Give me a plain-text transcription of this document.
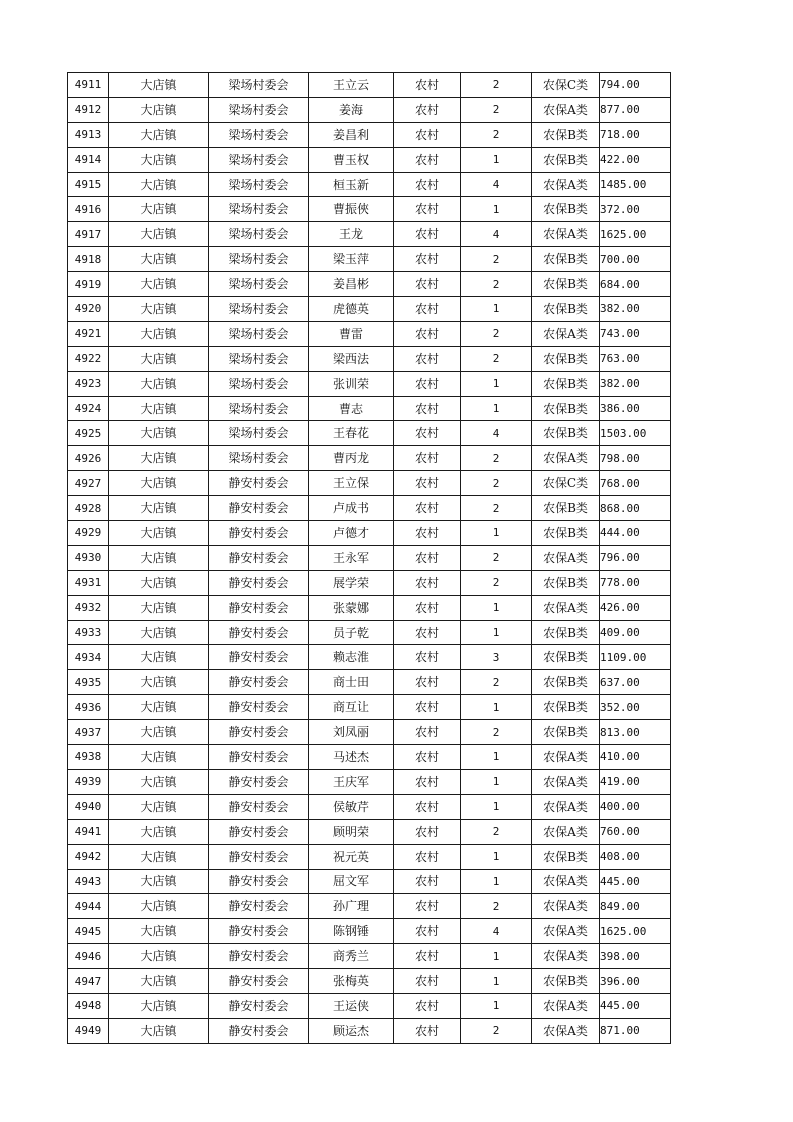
4911	大店镇	梁场村委会	王立云	农村	2	农保C类	794.00
4912	大店镇	梁场村委会	姜海	农村	2	农保A类	877.00
4913	大店镇	梁场村委会	姜昌利	农村	2	农保B类	718.00
4914	大店镇	梁场村委会	曹玉权	农村	1	农保B类	422.00
4915	大店镇	梁场村委会	桓玉新	农村	4	农保A类	1485.00
4916	大店镇	梁场村委会	曹振俠	农村	1	农保B类	372.00
4917	大店镇	梁场村委会	王龙	农村	4	农保A类	1625.00
4918	大店镇	梁场村委会	梁玉萍	农村	2	农保B类	700.00
4919	大店镇	梁场村委会	姜昌彬	农村	2	农保B类	684.00
4920	大店镇	梁场村委会	虎德英	农村	1	农保B类	382.00
4921	大店镇	梁场村委会	曹雷	农村	2	农保A类	743.00
4922	大店镇	梁场村委会	梁西法	农村	2	农保B类	763.00
4923	大店镇	梁场村委会	张训荣	农村	1	农保B类	382.00
4924	大店镇	梁场村委会	曹志	农村	1	农保B类	386.00
4925	大店镇	梁场村委会	王春花	农村	4	农保B类	1503.00
4926	大店镇	梁场村委会	曹丙龙	农村	2	农保A类	798.00
4927	大店镇	静安村委会	王立保	农村	2	农保C类	768.00
4928	大店镇	静安村委会	卢成书	农村	2	农保B类	868.00
4929	大店镇	静安村委会	卢德才	农村	1	农保B类	444.00
4930	大店镇	静安村委会	王永军	农村	2	农保A类	796.00
4931	大店镇	静安村委会	展学荣	农村	2	农保B类	778.00
4932	大店镇	静安村委会	张蒙娜	农村	1	农保A类	426.00
4933	大店镇	静安村委会	员子乾	农村	1	农保B类	409.00
4934	大店镇	静安村委会	赖志淮	农村	3	农保B类	1109.00
4935	大店镇	静安村委会	商士田	农村	2	农保B类	637.00
4936	大店镇	静安村委会	商互让	农村	1	农保B类	352.00
4937	大店镇	静安村委会	刘凤丽	农村	2	农保B类	813.00
4938	大店镇	静安村委会	马述杰	农村	1	农保A类	410.00
4939	大店镇	静安村委会	王庆军	农村	1	农保A类	419.00
4940	大店镇	静安村委会	侯敏芹	农村	1	农保A类	400.00
4941	大店镇	静安村委会	顾明荣	农村	2	农保A类	760.00
4942	大店镇	静安村委会	祝元英	农村	1	农保B类	408.00
4943	大店镇	静安村委会	屈文军	农村	1	农保A类	445.00
4944	大店镇	静安村委会	孙广理	农村	2	农保A类	849.00
4945	大店镇	静安村委会	陈钢锤	农村	4	农保A类	1625.00
4946	大店镇	静安村委会	商秀兰	农村	1	农保A类	398.00
4947	大店镇	静安村委会	张梅英	农村	1	农保B类	396.00
4948	大店镇	静安村委会	王运侠	农村	1	农保A类	445.00
4949	大店镇	静安村委会	顾运杰	农村	2	农保A类	871.00
